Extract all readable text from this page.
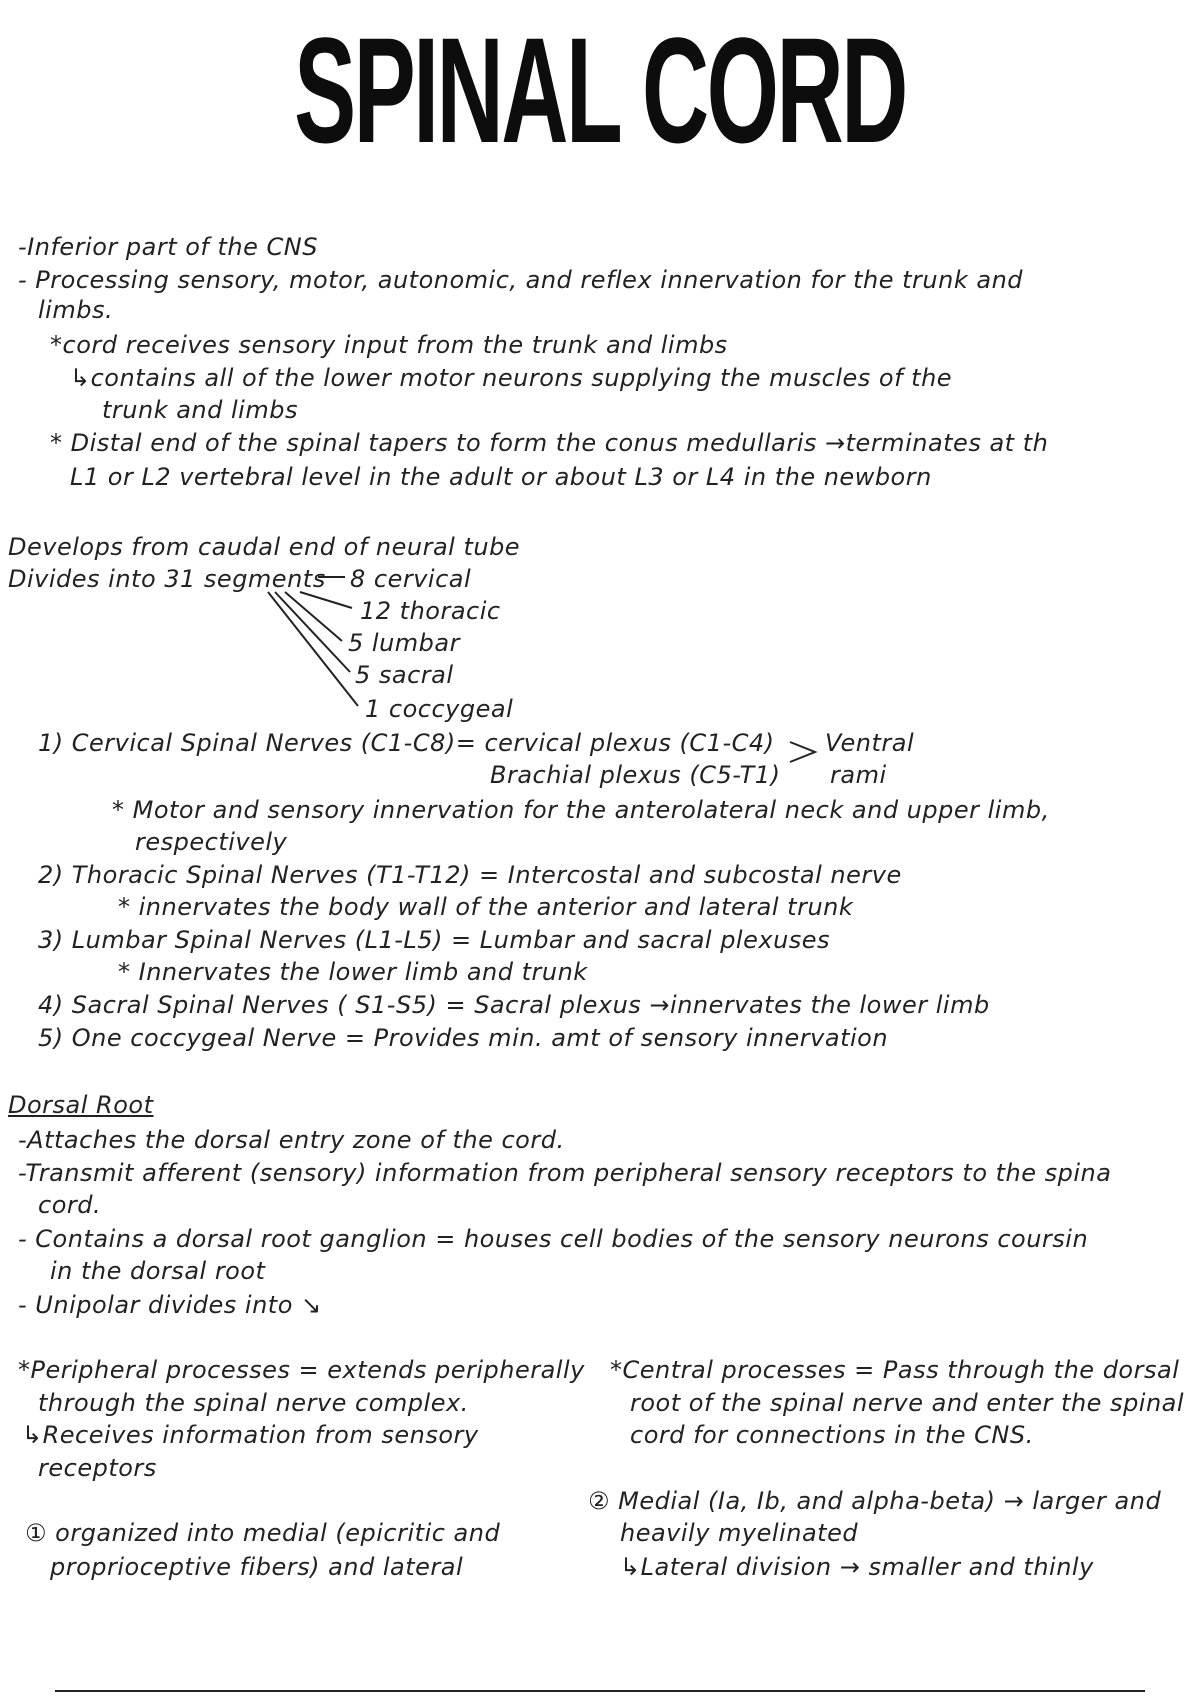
SPINAL CORD
-Inferior part of the CNS
- Processing sensory, motor, autonomic, and reflex innervation for the trunk and
limbs.
*cord receives sensory input from the trunk and limbs
↳contains all of the lower motor neurons supplying the muscles of the
trunk and limbs
* Distal end of the spinal tapers to form the conus medullaris →terminates at th
L1 or L2 vertebral level in the adult or about L3 or L4 in the newborn
Develops from caudal end of neural tube
Divides into 31 segments 8 cervical
12 thoracic
5 lumbar
5 sacral
1 coccygeal
1) Cervical Spinal Nerves (C1-C8)= cervical plexus (C1-C4)
Brachial plexus (C5-T1)
Ventral
rami
* Motor and sensory innervation for the anterolateral neck and upper limb,
respectively
2) Thoracic Spinal Nerves (T1-T12) = Intercostal and subcostal nerve
* innervates the body wall of the anterior and lateral trunk
3) Lumbar Spinal Nerves (L1-L5) = Lumbar and sacral plexuses
* Innervates the lower limb and trunk
4) Sacral Spinal Nerves ( S1-S5) = Sacral plexus →innervates the lower limb
5) One coccygeal Nerve = Provides min. amt of sensory innervation
Dorsal Root
-Attaches the dorsal entry zone of the cord.
-Transmit afferent (sensory) information from peripheral sensory receptors to the spina
cord.
- Contains a dorsal root ganglion = houses cell bodies of the sensory neurons coursin
in the dorsal root
- Unipolar divides into ↘
*Peripheral processes = extends peripherally
through the spinal nerve complex.
↳Receives information from sensory
receptors
① organized into medial (epicritic and
proprioceptive fibers) and lateral
*Central processes = Pass through the dorsal
root of the spinal nerve and enter the spinal
cord for connections in the CNS.
② Medial (Ia, Ib, and alpha-beta) → larger and
heavily myelinated
↳Lateral division → smaller and thinly
